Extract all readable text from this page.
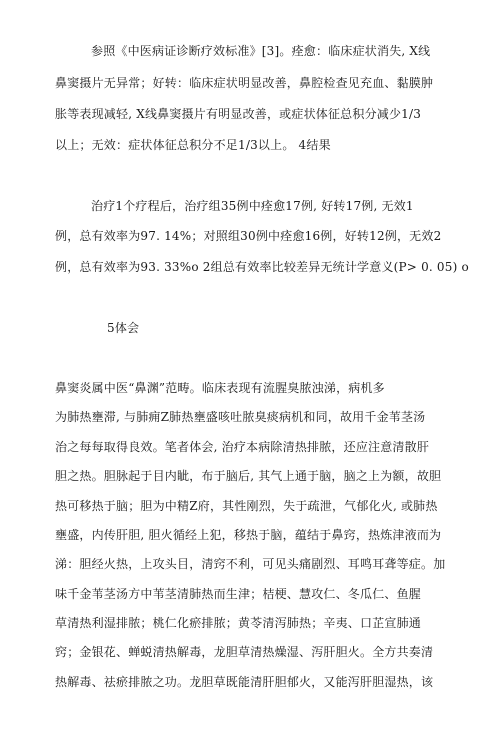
参照《中医病证诊断疗效标准》[3]。痊愈：临床症状消失, X线
鼻窦摄片无异常；好转：临床症状明显改善，鼻腔检查见充血、黏膜肿
胀等表现减轻, X线鼻窦摄片有明显改善，或症状体征总积分减少1/3
以上；无效：症状体征总积分不足1/3以上。 4结果
治疗1个疗程后，治疗组35例中痊愈17例, 好转17例, 无效1
例，总有效率为97. 14%；对照组30例中痊愈16例，好转12例，无效2
例，总有效率为93. 33%o 2组总有效率比较差异无统计学意义(P> 0. 05) o
5体会
鼻窦炎属中医“鼻渊”范畴。临床表现有流腥臭脓浊涕，病机多
为肺热壅滞, 与肺痈Z肺热壅盛咳吐脓臭痰病机和同，故用千金苇茎汤
治之每每取得良效。笔者体会, 治疗本病除清热排脓，还应注意清散肝
胆之热。胆脉起于目内眦，布于脑后, 其气上通于脑，脑之上为额，故胆
热可移热于脑；胆为中精Z府，其性刚烈，失于疏泄，气郁化火, 或肺热
壅盛，内传肝胆, 胆火循经上犯，移热于脑，蕴结于鼻窍，热炼津液而为
涕：胆经火热，上攻头目，清窍不利，可见头痛剧烈、耳鸣耳聋等症。加
味千金苇茎汤方中苇茎清肺热而生津；桔梗、慧攻仁、冬瓜仁、鱼腥
草清热利湿排脓；桃仁化瘀排脓；黄苓清泻肺热；辛夷、口芷宣肺通
窍；金银花、蝉蜕清热解毒，龙胆草清热燥湿、泻肝胆火。全方共奏清
热解毒、祛瘀排脓之功。龙胆草既能清肝胆郁火，又能泻肝胆湿热，该
